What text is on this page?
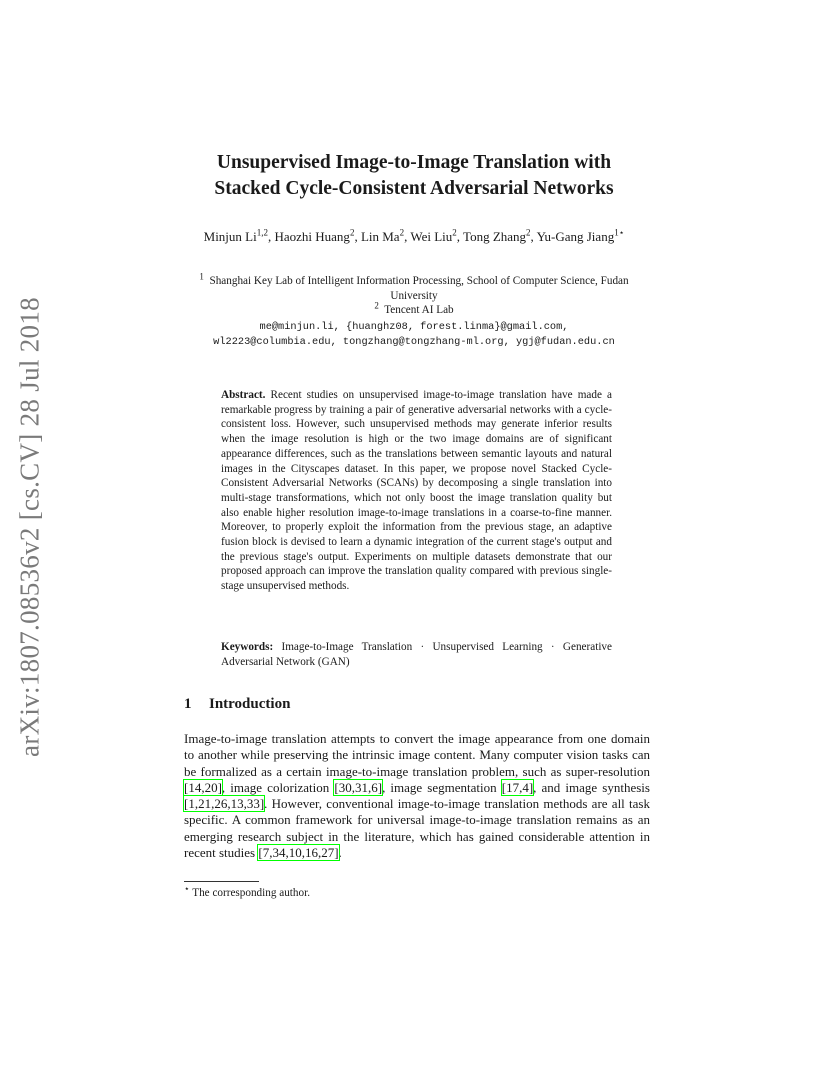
arXiv:1807.08536v2 [cs.CV] 28 Jul 2018
Unsupervised Image-to-Image Translation with
Stacked Cycle-Consistent Adversarial Networks
Minjun Li$^{1,2}$, Haozhi Huang$^2$, Lin Ma$^2$, Wei Liu$^2$, Tong Zhang$^2$, Yu-Gang Jiang$^{1⋆}$
$^1$ Shanghai Key Lab of Intelligent Information Processing, School of Computer Science, Fudan University
$^2$ Tencent AI Lab
me@minjun.li, {huanghz08, forest.linma}@gmail.com,
wl2223@columbia.edu, tongzhang@tongzhang-ml.org, ygj@fudan.edu.cn
Abstract. Recent studies on unsupervised image-to-image translation have made a remarkable progress by training a pair of generative adversarial networks with a cycle-consistent loss. However, such unsupervised methods may generate inferior results when the image resolution is high or the two image domains are of significant appearance differences, such as the translations between semantic layouts and natural images in the Cityscapes dataset. In this paper, we propose novel Stacked Cycle-Consistent Adversarial Networks (SCANs) by decomposing a single translation into multi-stage transformations, which not only boost the image translation quality but also enable higher resolution image-to-image translations in a coarse-to-fine manner. Moreover, to properly exploit the information from the previous stage, an adaptive fusion block is devised to learn a dynamic integration of the current stage's output and the previous stage's output. Experiments on multiple datasets demonstrate that our proposed approach can improve the translation quality compared with previous single-stage unsupervised methods.
Keywords: Image-to-Image Translation · Unsupervised Learning · Generative Adversarial Network (GAN)
1 Introduction
Image-to-image translation attempts to convert the image appearance from one domain to another while preserving the intrinsic image content. Many computer vision tasks can be formalized as a certain image-to-image translation problem, such as super-resolution [14,20], image colorization [30,31,6], image segmentation [17,4], and image synthesis [1,21,26,13,33]. However, conventional image-to-image translation methods are all task specific. A common framework for universal image-to-image translation remains as an emerging research subject in the literature, which has gained considerable attention in recent studies [7,34,10,16,27].
⋆ The corresponding author.
